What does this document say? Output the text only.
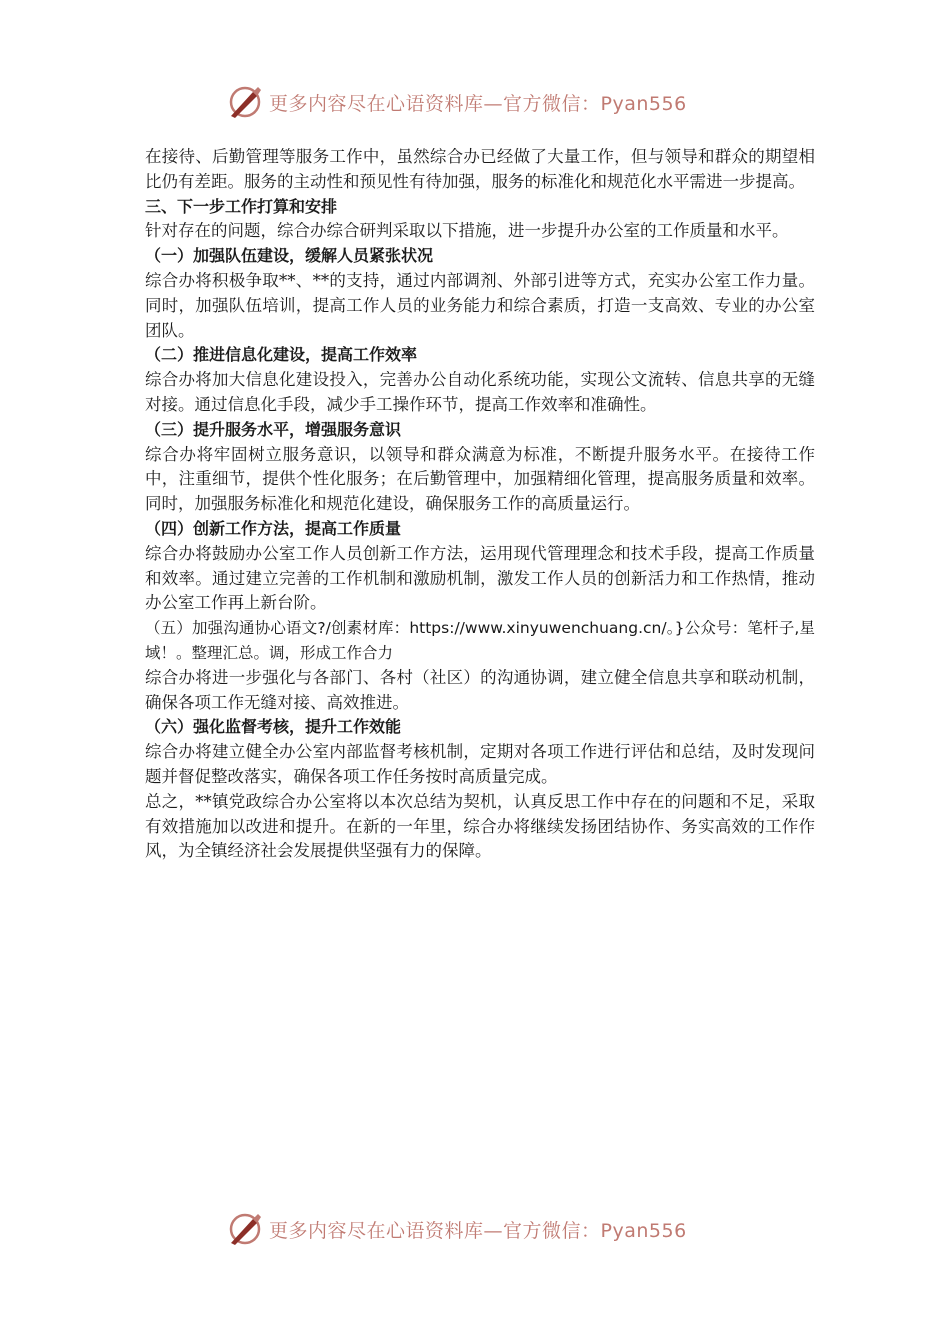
更多内容尽在心语资料库—官方微信：Pyan556

在接待、后勤管理等服务工作中，虽然综合办已经做了大量工作，但与领导和群众的期望相比仍有差距。服务的主动性和预见性有待加强，服务的标准化和规范化水平需进一步提高。

三、下一步工作打算和安排

针对存在的问题，综合办综合研判采取以下措施，进一步提升办公室的工作质量和水平。

（一）加强队伍建设，缓解人员紧张状况

综合办将积极争取**、**的支持，通过内部调剂、外部引进等方式，充实办公室工作力量。同时，加强队伍培训，提高工作人员的业务能力和综合素质，打造一支高效、专业的办公室团队。

（二）推进信息化建设，提高工作效率

综合办将加大信息化建设投入，完善办公自动化系统功能，实现公文流转、信息共享的无缝对接。通过信息化手段，减少手工操作环节，提高工作效率和准确性。

（三）提升服务水平，增强服务意识

综合办将牢固树立服务意识，以领导和群众满意为标准，不断提升服务水平。在接待工作中，注重细节，提供个性化服务；在后勤管理中，加强精细化管理，提高服务质量和效率。同时，加强服务标准化和规范化建设，确保服务工作的高质量运行。

（四）创新工作方法，提高工作质量

综合办将鼓励办公室工作人员创新工作方法，运用现代管理理念和技术手段，提高工作质量和效率。通过建立完善的工作机制和激励机制，激发工作人员的创新活力和工作热情，推动办公室工作再上新台阶。

（五）加强沟通协心语文?/创素材库：https://www.xinyuwenchuang.cn/。}公众号：笔杆子,星域！。整理汇总。调，形成工作合力

综合办将进一步强化与各部门、各村（社区）的沟通协调，建立健全信息共享和联动机制，确保各项工作无缝对接、高效推进。

（六）强化监督考核，提升工作效能

综合办将建立健全办公室内部监督考核机制，定期对各项工作进行评估和总结，及时发现问题并督促整改落实，确保各项工作任务按时高质量完成。

总之，**镇党政综合办公室将以本次总结为契机，认真反思工作中存在的问题和不足，采取有效措施加以改进和提升。在新的一年里，综合办将继续发扬团结协作、务实高效的工作作风，为全镇经济社会发展提供坚强有力的保障。

更多内容尽在心语资料库—官方微信：Pyan556
